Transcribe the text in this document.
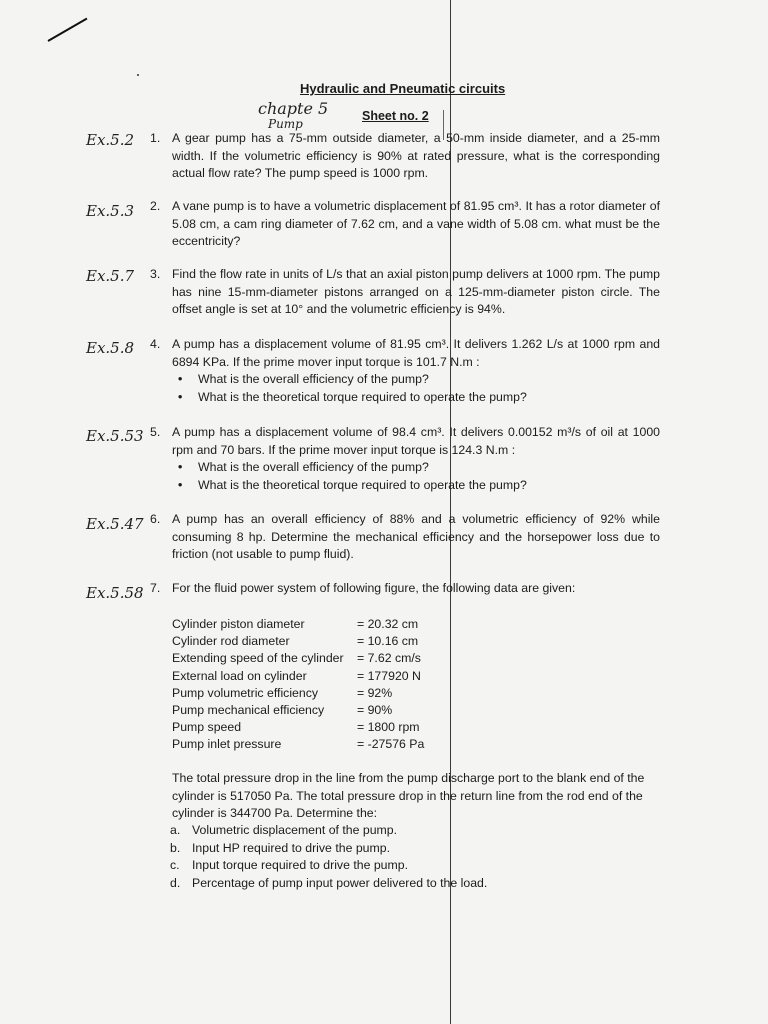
Hydraulic and Pneumatic circuits
chapte 5
Pump
Sheet no. 2
Ex.5.2 1. A gear pump has a 75-mm outside diameter, a 50-mm inside diameter, and a 25-mm width. If the volumetric efficiency is 90% at rated pressure, what is the corresponding actual flow rate? The pump speed is 1000 rpm.
Ex.5.3 2. A vane pump is to have a volumetric displacement of 81.95 cm³. It has a rotor diameter of 5.08 cm, a cam ring diameter of 7.62 cm, and a vane width of 5.08 cm. what must be the eccentricity?
Ex.5.7 3. Find the flow rate in units of L/s that an axial piston pump delivers at 1000 rpm. The pump has nine 15-mm-diameter pistons arranged on a 125-mm-diameter piston circle. The offset angle is set at 10° and the volumetric efficiency is 94%.
Ex.5.8 4. A pump has a displacement volume of 81.95 cm³. It delivers 1.262 L/s at 1000 rpm and 6894 KPa. If the prime mover input torque is 101.7 N.m :
• What is the overall efficiency of the pump?
• What is the theoretical torque required to operate the pump?
Ex.5.53 5. A pump has a displacement volume of 98.4 cm³. It delivers 0.00152 m³/s of oil at 1000 rpm and 70 bars. If the prime mover input torque is 124.3 N.m :
• What is the overall efficiency of the pump?
• What is the theoretical torque required to operate the pump?
Ex.5.47 6. A pump has an overall efficiency of 88% and a volumetric efficiency of 92% while consuming 8 hp. Determine the mechanical efficiency and the horsepower loss due to friction (not usable to pump fluid).
Ex.5.58 7. For the fluid power system of following figure, the following data are given:
Cylinder piston diameter	= 20.32 cm
Cylinder rod diameter	= 10.16 cm
Extending speed of the cylinder	= 7.62 cm/s
External load on cylinder	= 177920 N
Pump volumetric efficiency	= 92%
Pump mechanical efficiency	= 90%
Pump speed	= 1800 rpm
Pump inlet pressure	= -27576 Pa
The total pressure drop in the line from the pump discharge port to the blank end of the cylinder is 517050 Pa. The total pressure drop in the return line from the rod end of the cylinder is 344700 Pa. Determine the:
a. Volumetric displacement of the pump.
b. Input HP required to drive the pump.
c.	Input torque required to drive the pump.
d. Percentage of pump input power delivered to the load.
